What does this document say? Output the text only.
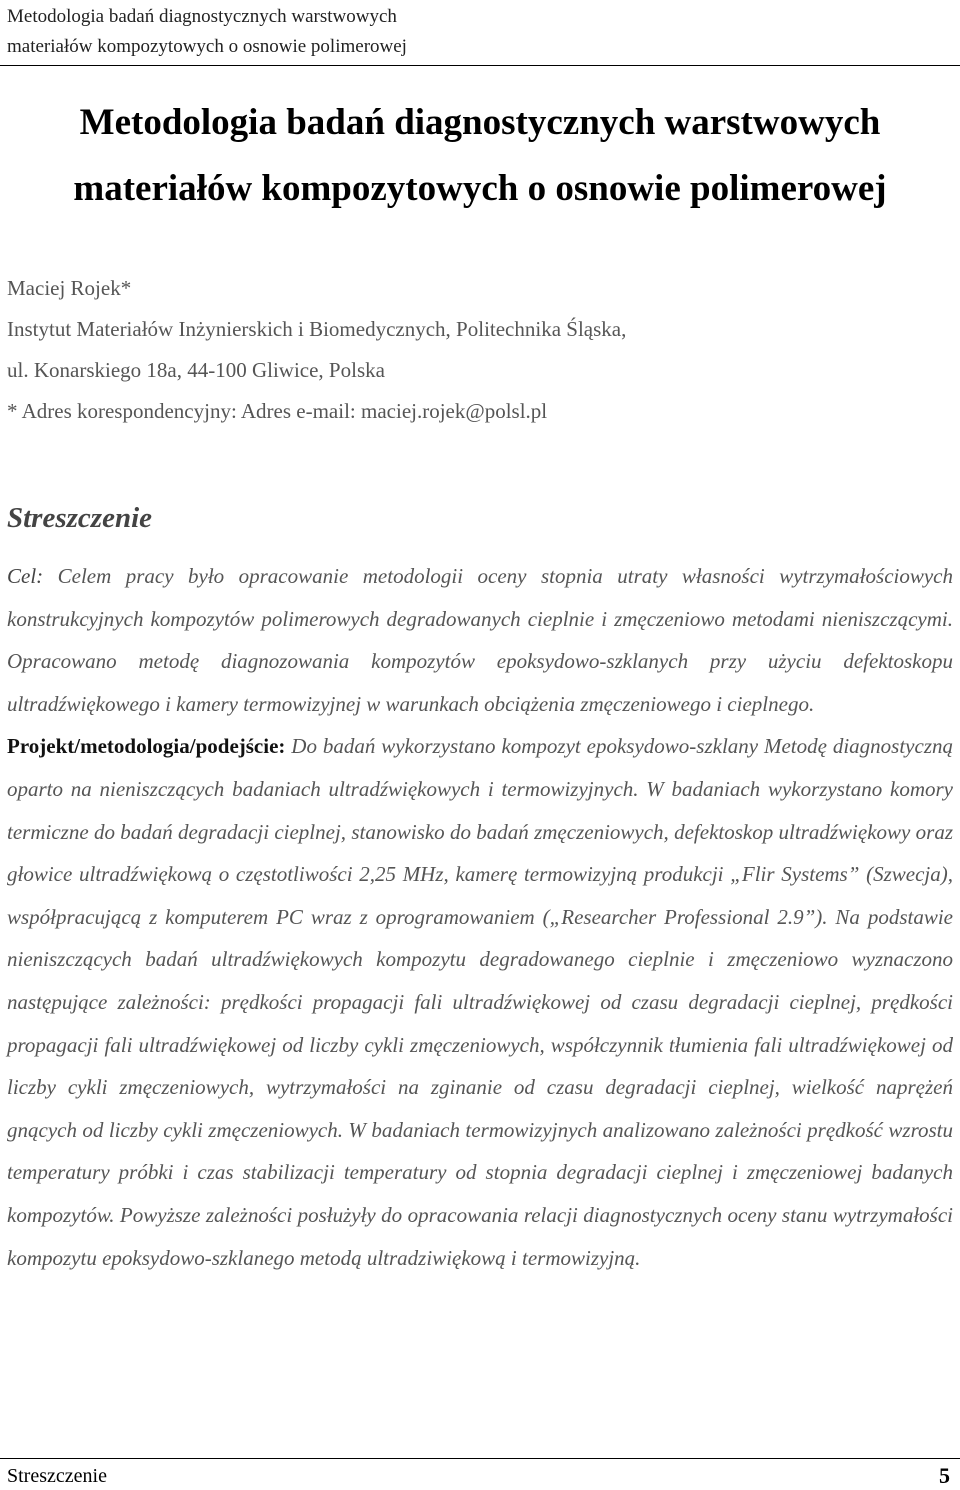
Metodologia badań diagnostycznych warstwowych
materiałów kompozytowych o osnowie polimerowej
Metodologia badań diagnostycznych warstwowych
materiałów kompozytowych o osnowie polimerowej
Maciej Rojek*
Instytut Materiałów Inżynierskich i Biomedycznych, Politechnika Śląska,
ul. Konarskiego 18a, 44-100 Gliwice, Polska
* Adres korespondencyjny: Adres e-mail: maciej.rojek@polsl.pl
Streszczenie

Cel: Celem pracy było opracowanie metodologii oceny stopnia utraty własności wytrzymałościowych konstrukcyjnych kompozytów polimerowych degradowanych cieplnie i zmęczeniowo metodami nieniszczącymi. Opracowano metodę diagnozowania kompozytów epoksydowo-szklanych przy użyciu defektoskopu ultradźwiękowego i kamery termowizyjnej w warunkach obciążenia zmęczeniowego i cieplnego.

Projekt/metodologia/podejście: Do badań wykorzystano kompozyt epoksydowo-szklany Metodę diagnostyczną oparto na nieniszczących badaniach ultradźwiękowych i termowizyjnych. W badaniach wykorzystano komory termiczne do badań degradacji cieplnej, stanowisko do badań zmęczeniowych, defektoskop ultradźwiękowy oraz głowice ultradźwiękową o częstotliwości 2,25 MHz, kamerę termowizyjną produkcji „Flir Systems” (Szwecja), współpracującą z komputerem PC wraz z oprogramowaniem („Researcher Professional 2.9”). Na podstawie nieniszczących badań ultradźwiękowych kompozytu degradowanego cieplnie i zmęczeniowo wyznaczono następujące zależności: prędkości propagacji fali ultradźwiękowej od czasu degradacji cieplnej, prędkości propagacji fali ultradźwiękowej od liczby cykli zmęczeniowych, współczynnik tłumienia fali ultradźwiękowej od liczby cykli zmęczeniowych, wytrzymałości na zginanie od czasu degradacji cieplnej, wielkość naprężeń gnących od liczby cykli zmęczeniowych. W badaniach termowizyjnych analizowano zależności prędkość wzrostu temperatury próbki i czas stabilizacji temperatury od stopnia degradacji cieplnej i zmęczeniowej badanych kompozytów. Powyższe zależności posłużyły do opracowania relacji diagnostycznych oceny stanu wytrzymałości kompozytu epoksydowo-szklanego metodą ultradziwiękową i termowizyjną.

Streszczenie	5
